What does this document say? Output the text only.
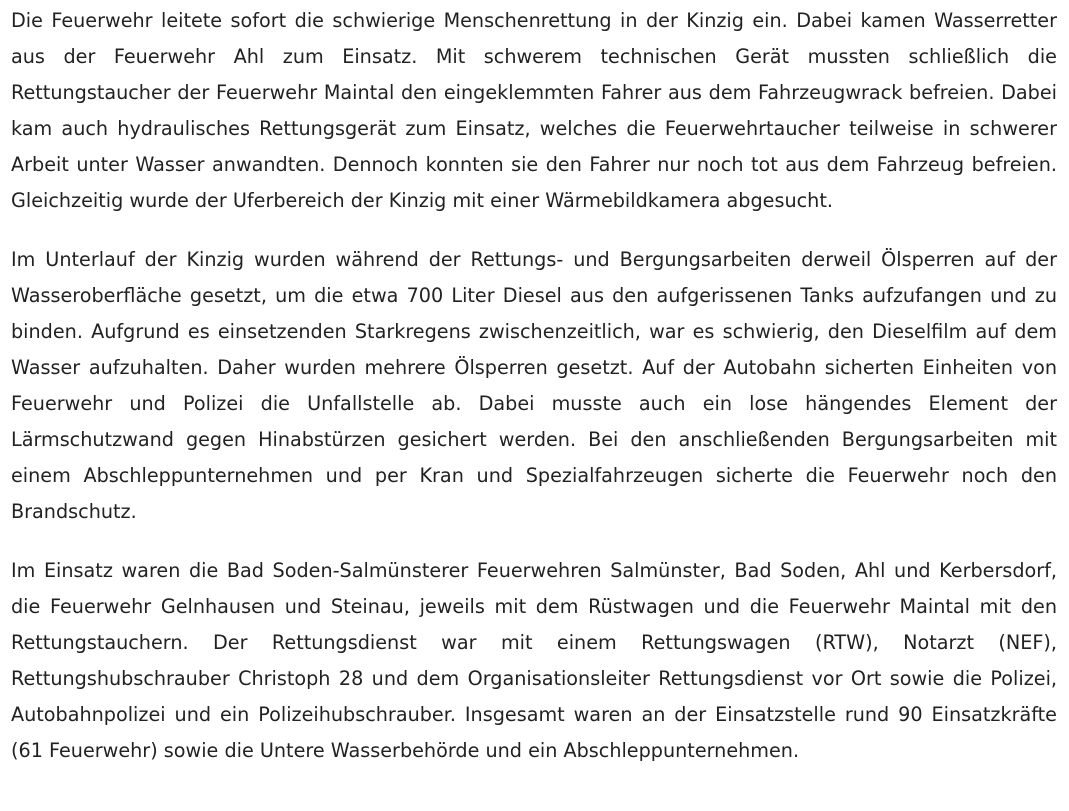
Die Feuerwehr leitete sofort die schwierige Menschenrettung in der Kinzig ein. Dabei kamen Wasserretter aus der Feuerwehr Ahl zum Einsatz. Mit schwerem technischen Gerät mussten schließlich die Rettungstaucher der Feuerwehr Maintal den eingeklemmten Fahrer aus dem Fahrzeugwrack befreien. Dabei kam auch hydraulisches Rettungsgerät zum Einsatz, welches die Feuerwehrtaucher teilweise in schwerer Arbeit unter Wasser anwandten. Dennoch konnten sie den Fahrer nur noch tot aus dem Fahrzeug befreien. Gleichzeitig wurde der Uferbereich der Kinzig mit einer Wärmebildkamera abgesucht.

Im Unterlauf der Kinzig wurden während der Rettungs- und Bergungsarbeiten derweil Ölsperren auf der Wasseroberfläche gesetzt, um die etwa 700 Liter Diesel aus den aufgerissenen Tanks aufzufangen und zu binden. Aufgrund es einsetzenden Starkregens zwischenzeitlich, war es schwierig, den Dieselfilm auf dem Wasser aufzuhalten. Daher wurden mehrere Ölsperren gesetzt. Auf der Autobahn sicherten Einheiten von Feuerwehr und Polizei die Unfallstelle ab. Dabei musste auch ein lose hängendes Element der Lärmschutzwand gegen Hinabstürzen gesichert werden. Bei den anschließenden Bergungsarbeiten mit einem Abschleppunternehmen und per Kran und Spezialfahrzeugen sicherte die Feuerwehr noch den Brandschutz.

Im Einsatz waren die Bad Soden-Salmünsterer Feuerwehren Salmünster, Bad Soden, Ahl und Kerbersdorf, die Feuerwehr Gelnhausen und Steinau, jeweils mit dem Rüstwagen und die Feuerwehr Maintal mit den Rettungstauchern. Der Rettungsdienst war mit einem Rettungswagen (RTW), Notarzt (NEF), Rettungshubschrauber Christoph 28 und dem Organisationsleiter Rettungsdienst vor Ort sowie die Polizei, Autobahnpolizei und ein Polizeihubschrauber. Insgesamt waren an der Einsatzstelle rund 90 Einsatzkräfte (61 Feuerwehr) sowie die Untere Wasserbehörde und ein Abschleppunternehmen.
